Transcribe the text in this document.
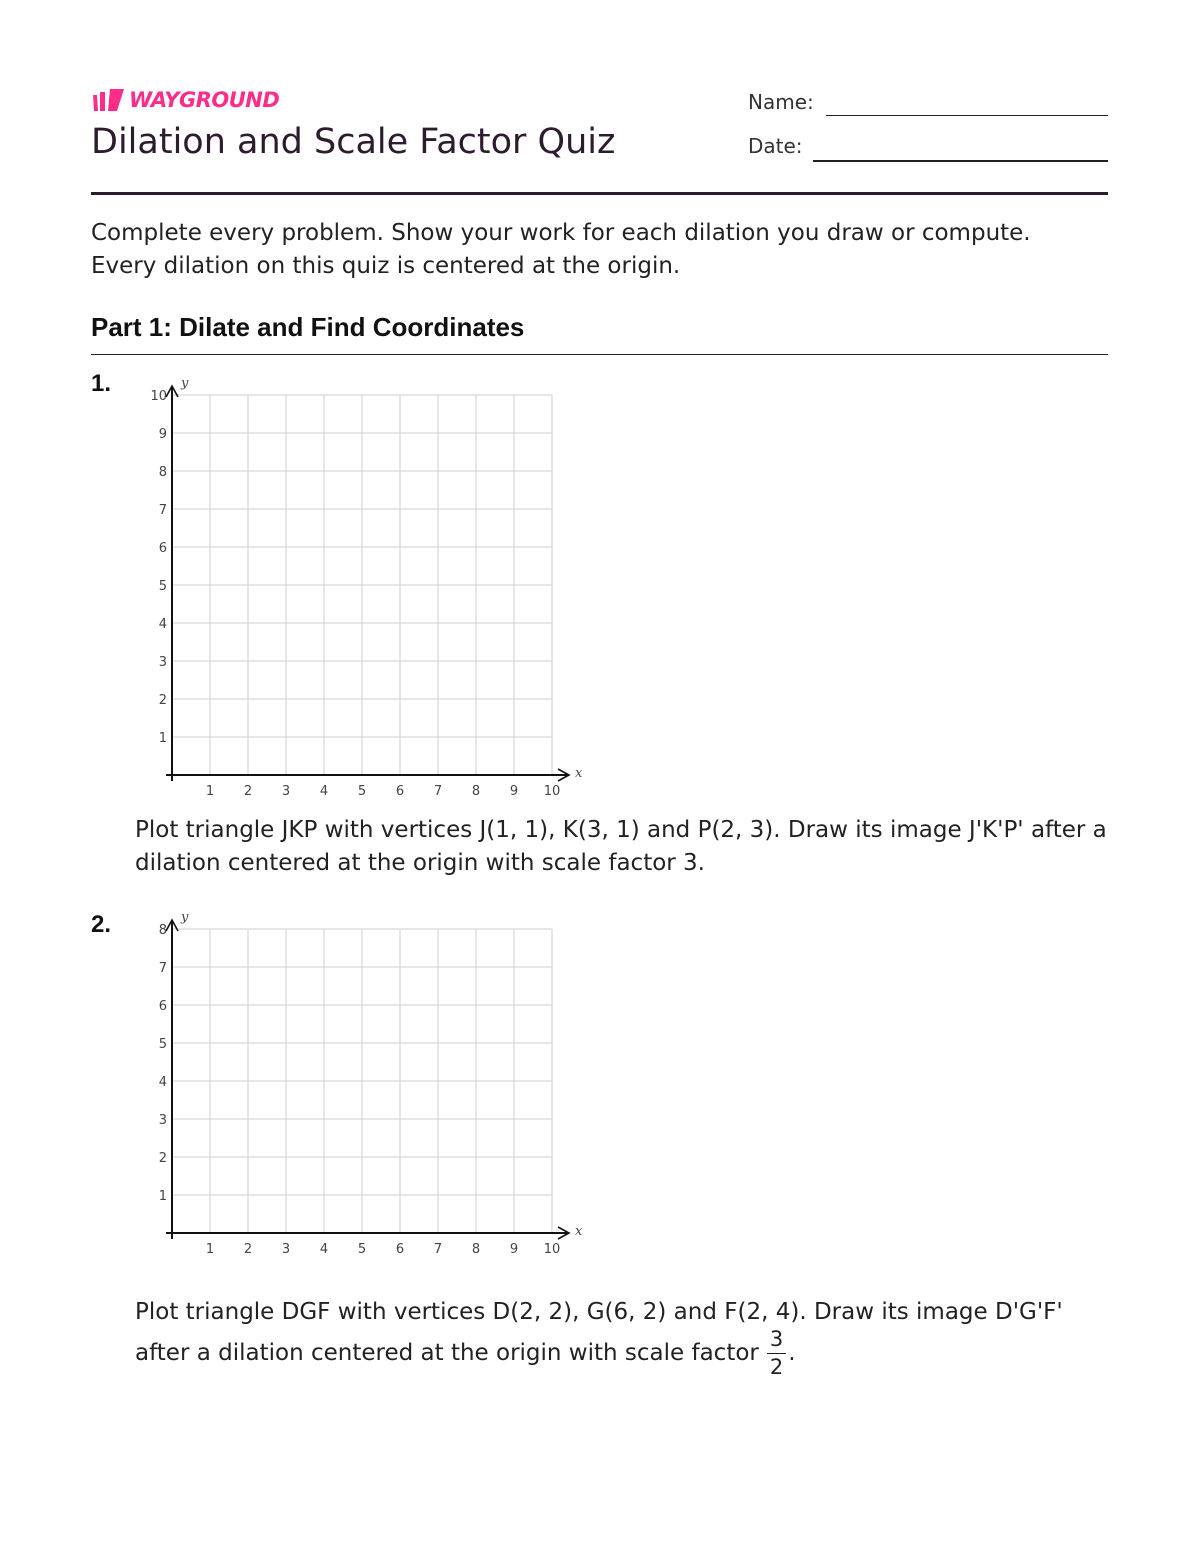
WAYGROUND
Dilation and Scale Factor Quiz
Name:
Date:
Complete every problem. Show your work for each dilation you draw or compute. Every dilation on this quiz is centered at the origin.
Part 1: Dilate and Find Coordinates
1.
1 2 3 4 5 6 7 8 9 10
1
2
3
4
5
6
7
8
9
10
x
y
Plot triangle JKP with vertices J(1, 1), K(3, 1) and P(2, 3). Draw its image J'K'P' after a dilation centered at the origin with scale factor 3.
2.
1 2 3 4 5 6 7 8 9 10
1
2
3
4
5
6
7
8
x
y
Plot triangle DGF with vertices D(2, 2), G(6, 2) and F(2, 4). Draw its image D'G'F' after a dilation centered at the origin with scale factor $\frac{3}{2}$ .
